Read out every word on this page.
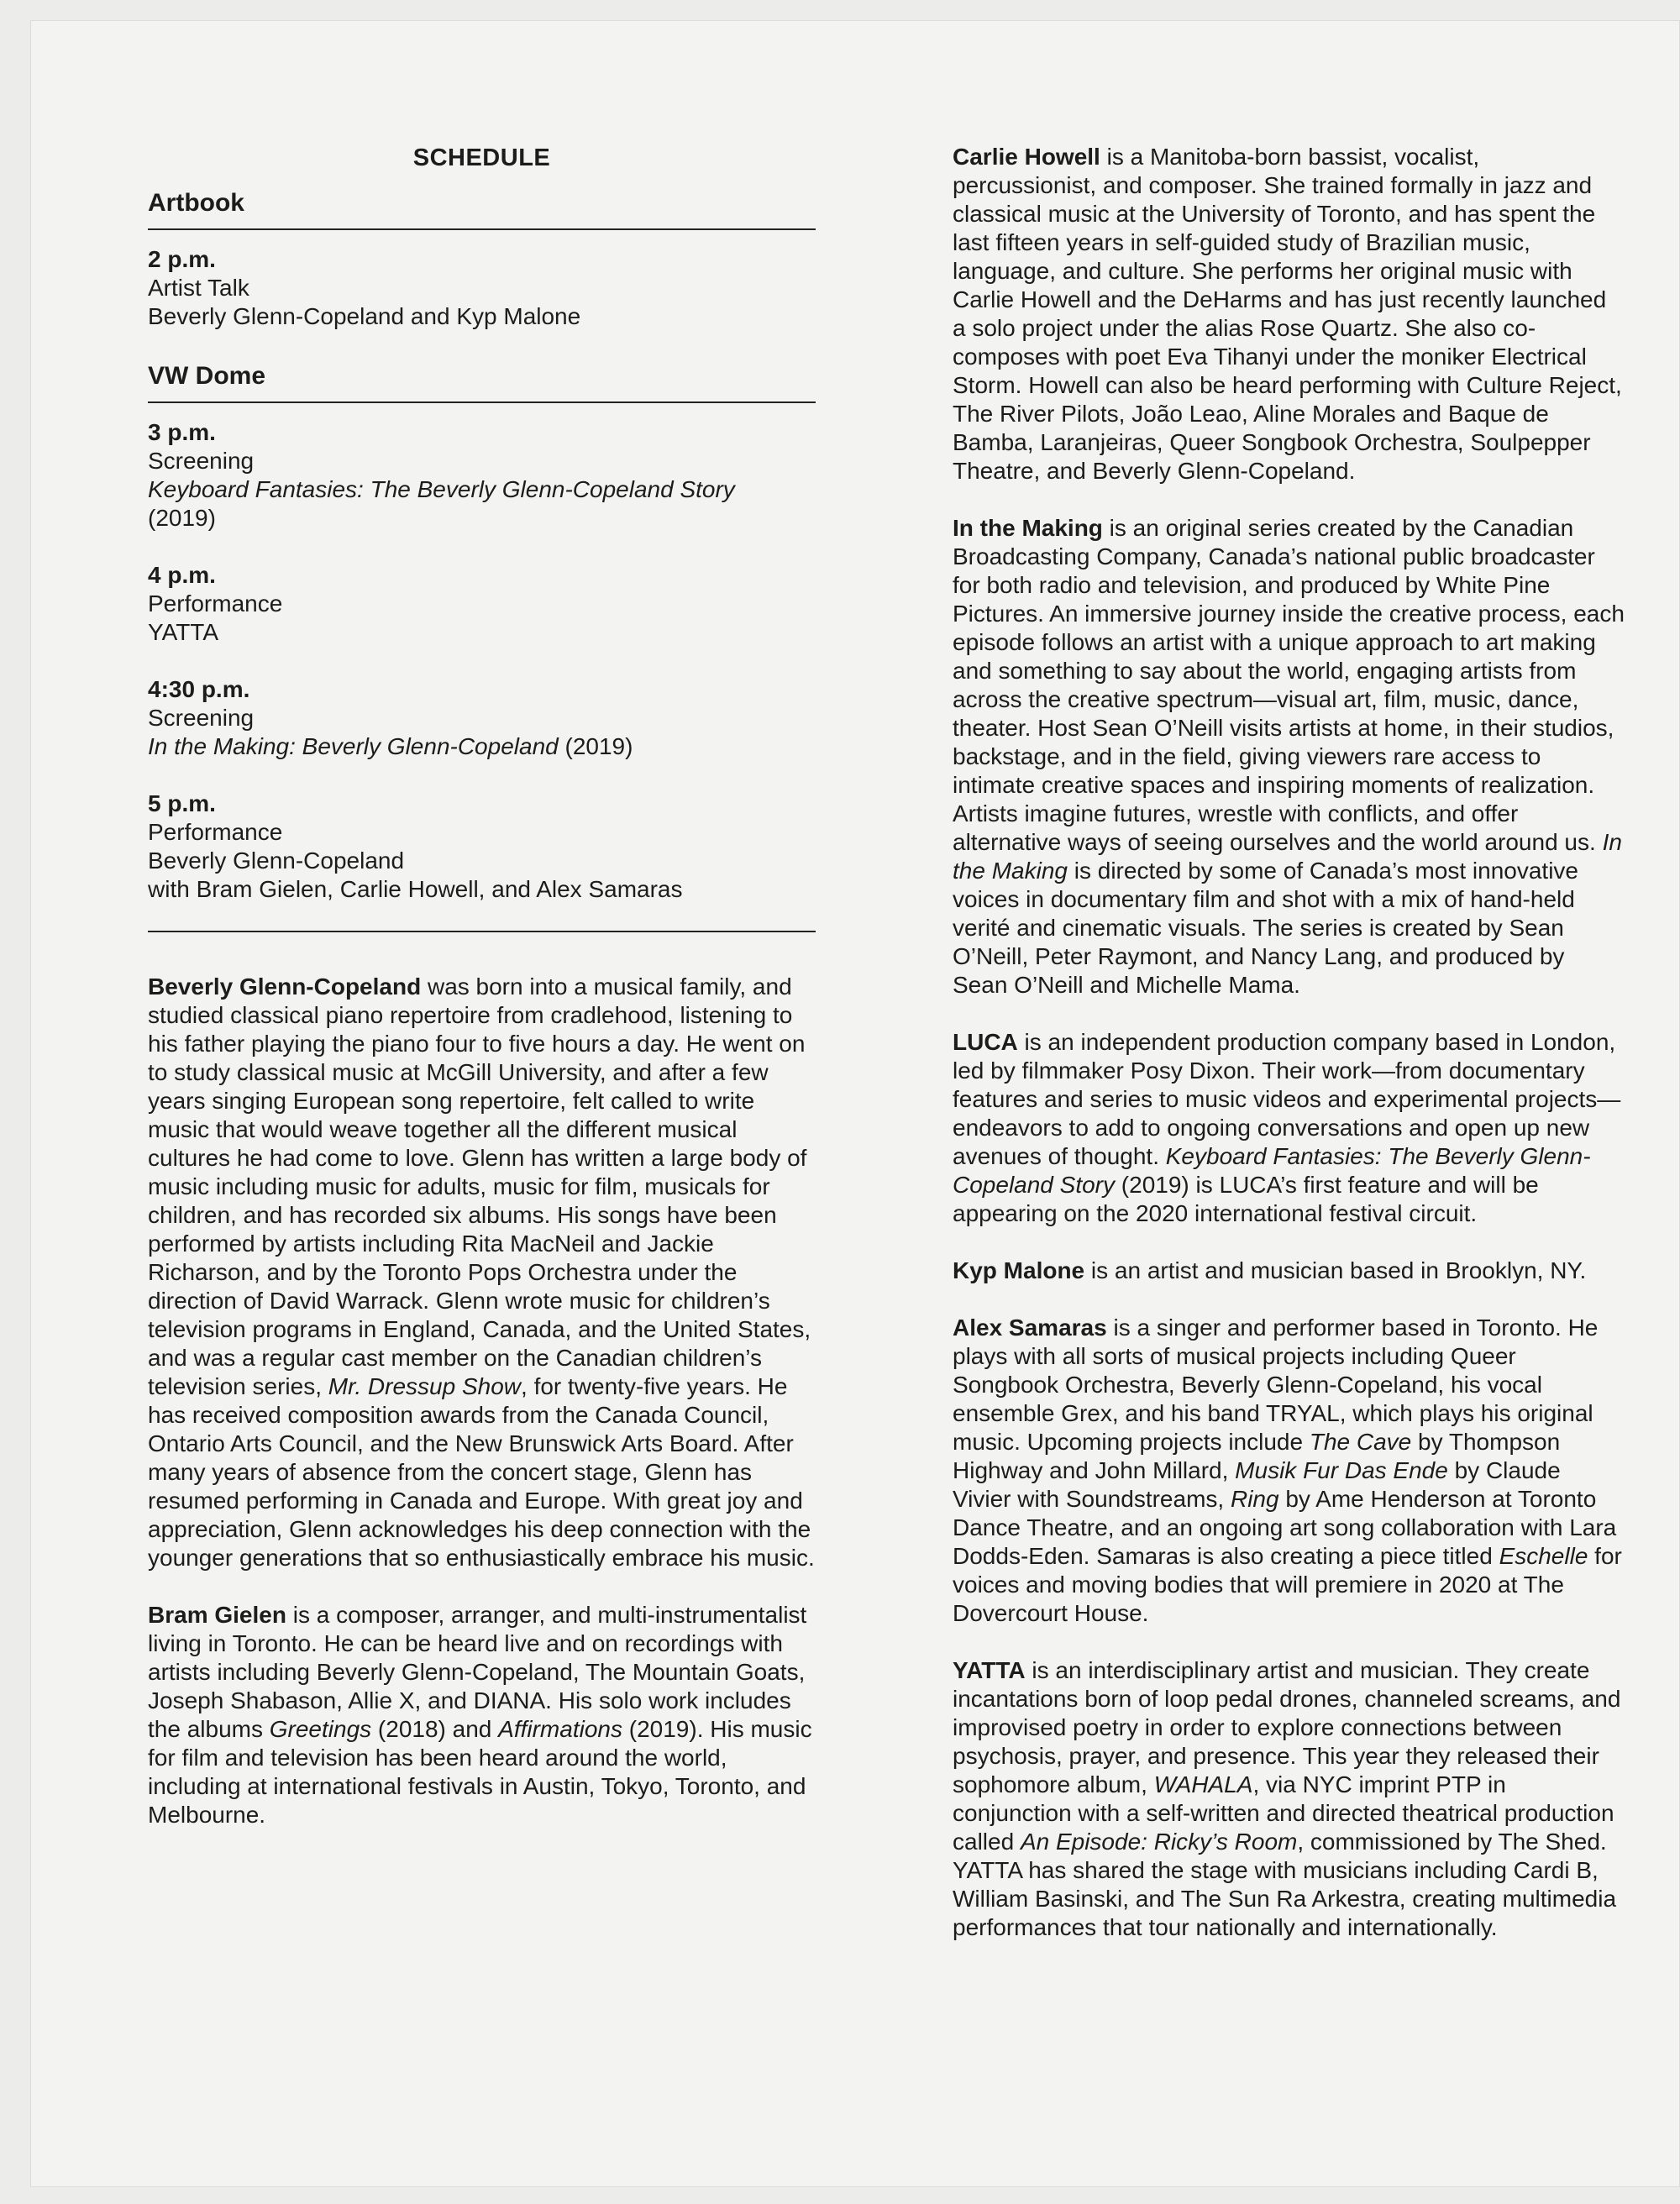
SCHEDULE
Artbook
2 p.m.
Artist Talk
Beverly Glenn-Copeland and Kyp Malone
VW Dome
3 p.m.
Screening
Keyboard Fantasies: The Beverly Glenn-Copeland Story
(2019)
4 p.m.
Performance
YATTA
4:30 p.m.
Screening
In the Making: Beverly Glenn-Copeland (2019)
5 p.m.
Performance
Beverly Glenn-Copeland
with Bram Gielen, Carlie Howell, and Alex Samaras

Beverly Glenn-Copeland was born into a musical family, and studied classical piano repertoire from cradlehood, listening to his father playing the piano four to five hours a day. He went on to study classical music at McGill University, and after a few years singing European song repertoire, felt called to write music that would weave together all the different musical cultures he had come to love. Glenn has written a large body of music including music for adults, music for film, musicals for children, and has recorded six albums. His songs have been performed by artists including Rita MacNeil and Jackie Richarson, and by the Toronto Pops Orchestra under the direction of David Warrack. Glenn wrote music for children’s television programs in England, Canada, and the United States, and was a regular cast member on the Canadian children’s television series, Mr. Dressup Show, for twenty-five years. He has received composition awards from the Canada Council, Ontario Arts Council, and the New Brunswick Arts Board. After many years of absence from the concert stage, Glenn has resumed performing in Canada and Europe. With great joy and appreciation, Glenn acknowledges his deep connection with the younger generations that so enthusiastically embrace his music.

Bram Gielen is a composer, arranger, and multi-instrumentalist living in Toronto. He can be heard live and on recordings with artists including Beverly Glenn-Copeland, The Mountain Goats, Joseph Shabason, Allie X, and DIANA. His solo work includes the albums Greetings (2018) and Affirmations (2019). His music for film and television has been heard around the world, including at international festivals in Austin, Tokyo, Toronto, and Melbourne.

Carlie Howell is a Manitoba-born bassist, vocalist, percussionist, and composer. She trained formally in jazz and classical music at the University of Toronto, and has spent the last fifteen years in self-guided study of Brazilian music, language, and culture. She performs her original music with Carlie Howell and the DeHarms and has just recently launched a solo project under the alias Rose Quartz. She also co-composes with poet Eva Tihanyi under the moniker Electrical Storm. Howell can also be heard performing with Culture Reject, The River Pilots, João Leao, Aline Morales and Baque de Bamba, Laranjeiras, Queer Songbook Orchestra, Soulpepper Theatre, and Beverly Glenn-Copeland.

In the Making is an original series created by the Canadian Broadcasting Company, Canada’s national public broadcaster for both radio and television, and produced by White Pine Pictures. An immersive journey inside the creative process, each episode follows an artist with a unique approach to art making and something to say about the world, engaging artists from across the creative spectrum—visual art, film, music, dance, theater. Host Sean O’Neill visits artists at home, in their studios, backstage, and in the field, giving viewers rare access to intimate creative spaces and inspiring moments of realization. Artists imagine futures, wrestle with conflicts, and offer alternative ways of seeing ourselves and the world around us. In the Making is directed by some of Canada’s most innovative voices in documentary film and shot with a mix of hand-held verité and cinematic visuals. The series is created by Sean O’Neill, Peter Raymont, and Nancy Lang, and produced by Sean O’Neill and Michelle Mama.

LUCA is an independent production company based in London, led by filmmaker Posy Dixon. Their work—from documentary features and series to music videos and experimental projects—endeavors to add to ongoing conversations and open up new avenues of thought. Keyboard Fantasies: The Beverly Glenn-Copeland Story (2019) is LUCA’s first feature and will be appearing on the 2020 international festival circuit.

Kyp Malone is an artist and musician based in Brooklyn, NY.

Alex Samaras is a singer and performer based in Toronto. He plays with all sorts of musical projects including Queer Songbook Orchestra, Beverly Glenn-Copeland, his vocal ensemble Grex, and his band TRYAL, which plays his original music. Upcoming projects include The Cave by Thompson Highway and John Millard, Musik Fur Das Ende by Claude Vivier with Soundstreams, Ring by Ame Henderson at Toronto Dance Theatre, and an ongoing art song collaboration with Lara Dodds-Eden. Samaras is also creating a piece titled Eschelle for voices and moving bodies that will premiere in 2020 at The Dovercourt House.

YATTA is an interdisciplinary artist and musician. They create incantations born of loop pedal drones, channeled screams, and improvised poetry in order to explore connections between psychosis, prayer, and presence. This year they released their sophomore album, WAHALA, via NYC imprint PTP in conjunction with a self-written and directed theatrical production called An Episode: Ricky’s Room, commissioned by The Shed. YATTA has shared the stage with musicians including Cardi B, William Basinski, and The Sun Ra Arkestra, creating multimedia performances that tour nationally and internationally.
